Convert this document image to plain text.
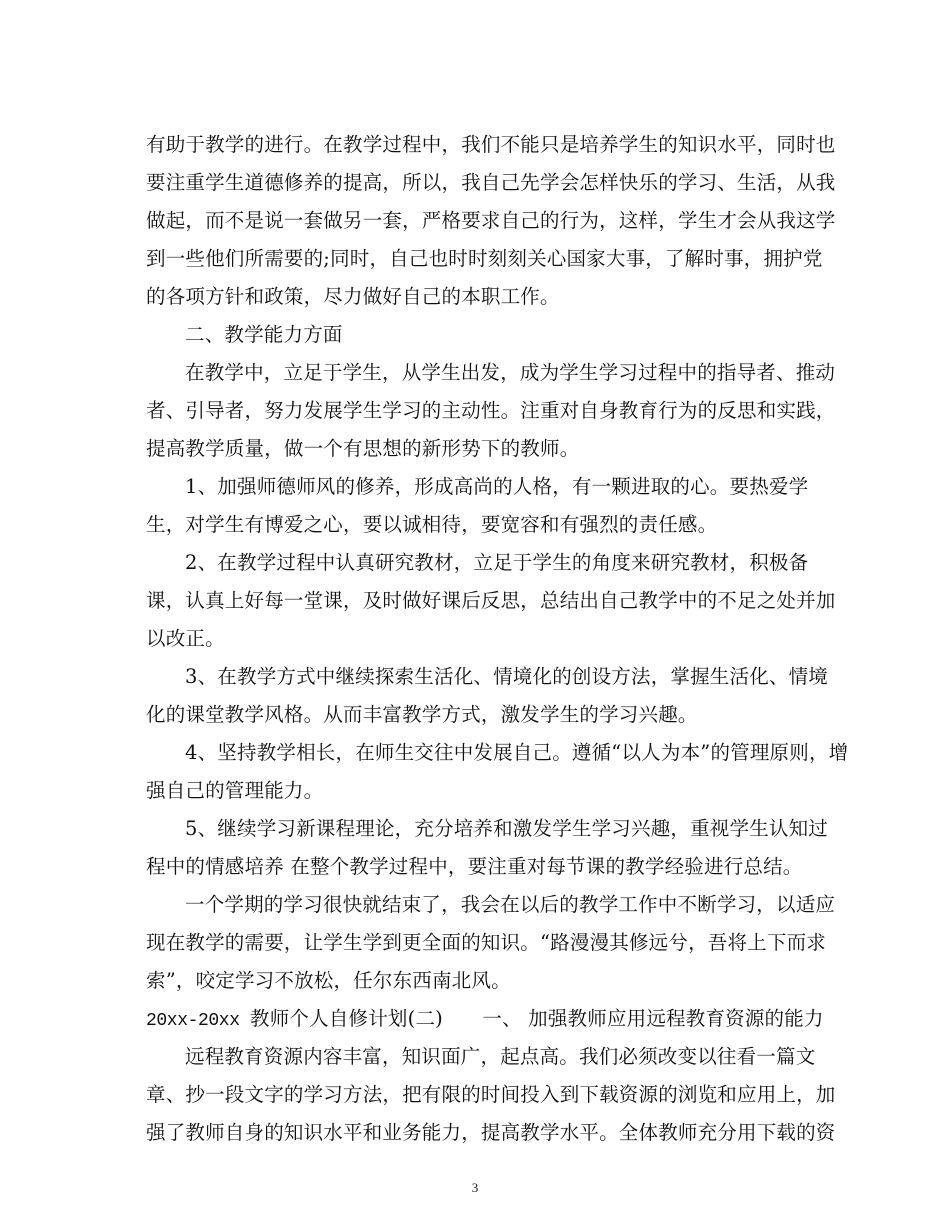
有助于教学的进行。在教学过程中，我们不能只是培养学生的知识水平，同时也
要注重学生道德修养的提高，所以，我自己先学会怎样快乐的学习、生活，从我
做起，而不是说一套做另一套，严格要求自己的行为，这样，学生才会从我这学
到一些他们所需要的;同时，自己也时时刻刻关心国家大事，了解时事，拥护党
的各项方针和政策，尽力做好自己的本职工作。
二、教学能力方面
在教学中，立足于学生，从学生出发，成为学生学习过程中的指导者、推动
者、引导者，努力发展学生学习的主动性。注重对自身教育行为的反思和实践，
提高教学质量，做一个有思想的新形势下的教师。
1、加强师德师风的修养，形成高尚的人格，有一颗进取的心。要热爱学
生，对学生有博爱之心，要以诚相待，要宽容和有强烈的责任感。
2、在教学过程中认真研究教材，立足于学生的角度来研究教材，积极备
课，认真上好每一堂课，及时做好课后反思，总结出自己教学中的不足之处并加
以改正。
3、在教学方式中继续探索生活化、情境化的创设方法，掌握生活化、情境
化的课堂教学风格。从而丰富教学方式，激发学生的学习兴趣。
4、坚持教学相长，在师生交往中发展自己。遵循“以人为本”的管理原则，增
强自己的管理能力。
5、继续学习新课程理论，充分培养和激发学生学习兴趣，重视学生认知过
程中的情感培养 在整个教学过程中，要注重对每节课的教学经验进行总结。
一个学期的学习很快就结束了，我会在以后的教学工作中不断学习，以适应
现在教学的需要，让学生学到更全面的知识。“路漫漫其修远兮，吾将上下而求
索”，咬定学习不放松，任尔东西南北风。
20xx-20xx 教师个人自修计划(二)　　一、 加强教师应用远程教育资源的能力
远程教育资源内容丰富，知识面广，起点高。我们必须改变以往看一篇文
章、抄一段文字的学习方法，把有限的时间投入到下载资源的浏览和应用上，加
强了教师自身的知识水平和业务能力，提高教学水平。全体教师充分用下载的资
3
